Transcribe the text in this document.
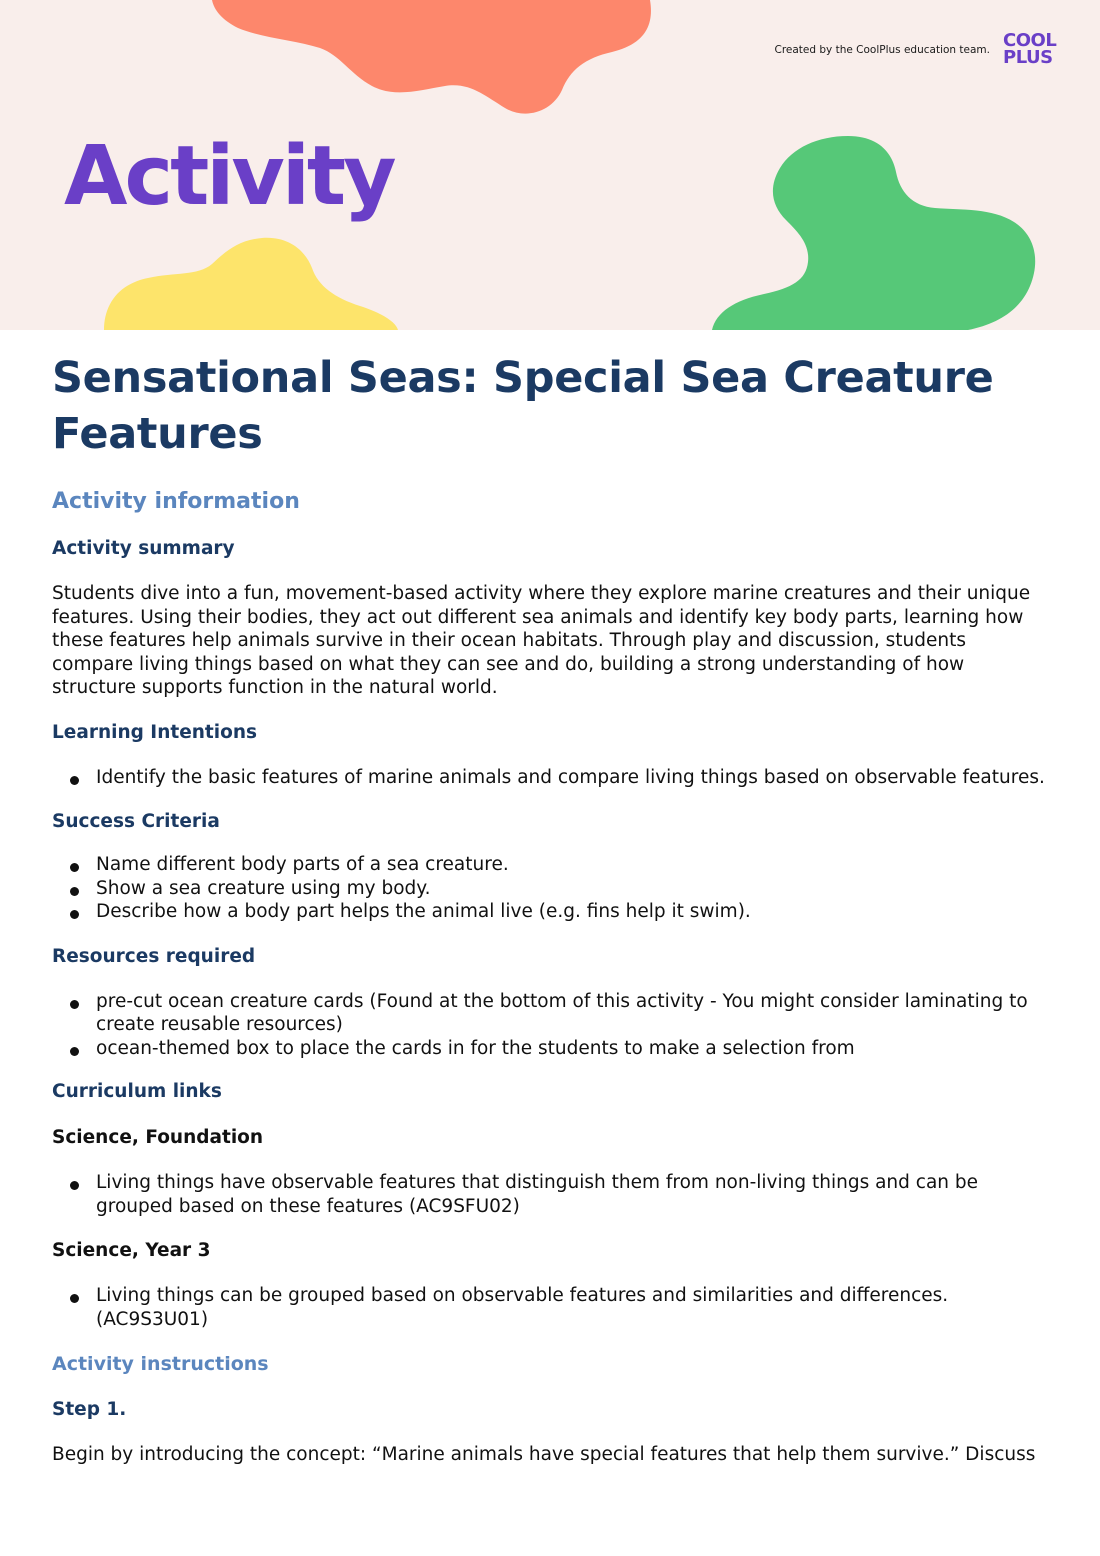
Created by the CoolPlus education team. COOL
PLUS
Activity
Sensational Seas: Special Sea Creature
Features
Activity information
Activity summary

Students dive into a fun, movement-based activity where they explore marine creatures and their unique features. Using their bodies, they act out different sea animals and identify key body parts, learning how these features help animals survive in their ocean habitats. Through play and discussion, students compare living things based on what they can see and do, building a strong understanding of how structure supports function in the natural world.

Learning Intentions
Identify the basic features of marine animals and compare living things based on observable features.
Success Criteria
Name different body parts of a sea creature.
Show a sea creature using my body.
Describe how a body part helps the animal live (e.g. fins help it swim).
Resources required
pre-cut ocean creature cards (Found at the bottom of this activity - You might consider laminating to create reusable resources)
ocean-themed box to place the cards in for the students to make a selection from
Curriculum links
Science, Foundation
Living things have observable features that distinguish them from non-living things and can be grouped based on these features (AC9SFU02)
Science, Year 3
Living things can be grouped based on observable features and similarities and differences. (AC9S3U01)
Activity instructions
Step 1.

Begin by introducing the concept: “Marine animals have special features that help them survive.” Discuss
